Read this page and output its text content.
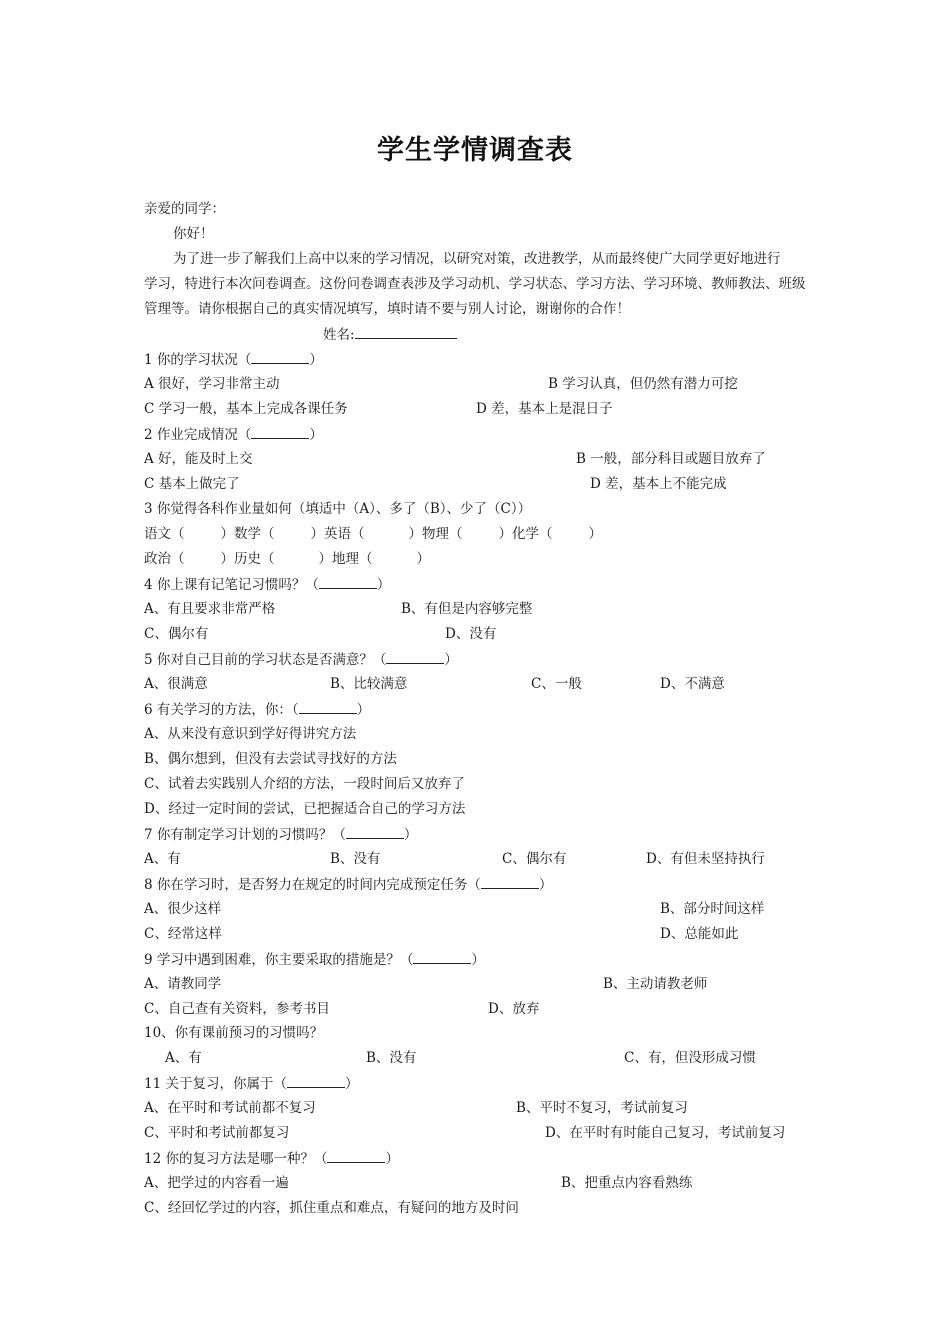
学生学情调查表
亲爱的同学：
你好！
为了进一步了解我们上高中以来的学习情况，以研究对策，改进教学，从而最终使广大同学更好地进行
学习，特进行本次问卷调查。这份问卷调查表涉及学习动机、学习状态、学习方法、学习环境、教师教法、班级
管理等。请你根据自己的真实情况填写，填时请不要与别人讨论，谢谢你的合作！
姓名:
1 你的学习状况（	）
A 很好，学习非常主动	B 学习认真，但仍然有潜力可挖
C 学习一般，基本上完成各课任务	D 差，基本上是混日子
2 作业完成情况（	）
A 好，能及时上交	B 一般，部分科目或题目放弃了
C 基本上做完了	D 差，基本上不能完成
3 你觉得各科作业量如何（填适中（A）、多了（B）、少了（C））
语文（	）数学（	）英语（	）物理（	）化学（	）
政治（	）历史（	）地理（	）
4 你上课有记笔记习惯吗？（	）
A、有且要求非常严格	B、有但是内容够完整
C、偶尔有	D、没有
5 你对自己目前的学习状态是否满意？（	）
A、很满意	B、比较满意	C、一般	D、不满意
6 有关学习的方法，你：（	）
A、从来没有意识到学好得讲究方法
B、偶尔想到，但没有去尝试寻找好的方法
C、试着去实践别人介绍的方法，一段时间后又放弃了
D、经过一定时间的尝试，已把握适合自己的学习方法
7 你有制定学习计划的习惯吗？（	）
A、有	B、没有	C、偶尔有	D、有但未坚持执行
8 你在学习时，是否努力在规定的时间内完成预定任务（	）
A、很少这样	B、部分时间这样
C、经常这样	D、总能如此
9 学习中遇到困难，你主要采取的措施是？（	）
A、请教同学	B、主动请教老师
C、自己查有关资料，参考书目	D、放弃
10、你有课前预习的习惯吗？
A、有	B、没有	C、有，但没形成习惯
11 关于复习，你属于（	）
A、在平时和考试前都不复习	B、平时不复习，考试前复习
C、平时和考试前都复习	D、在平时有时能自己复习，考试前复习
12 你的复习方法是哪一种？（	）
A、把学过的内容看一遍	B、把重点内容看熟练
C、经回忆学过的内容，抓住重点和难点，有疑问的地方及时问
